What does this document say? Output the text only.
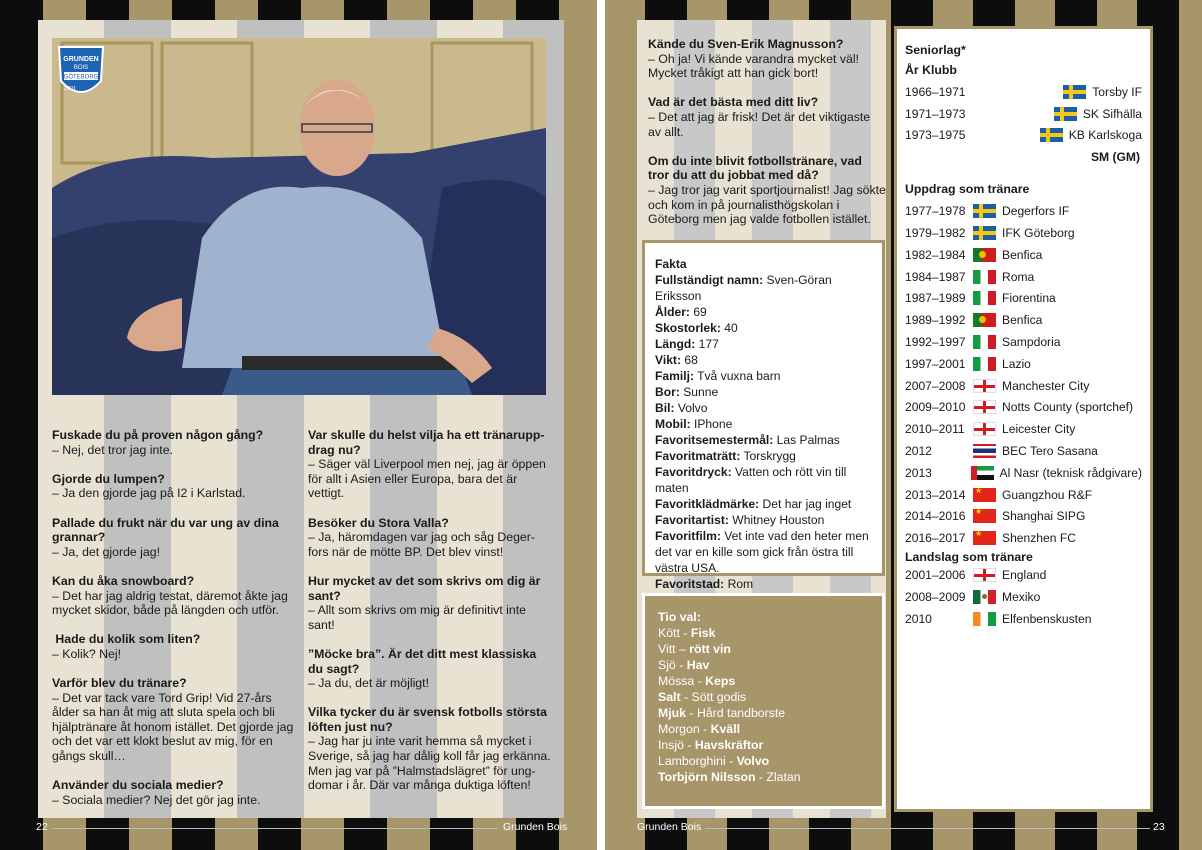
GRUNDEN
BOIS
GÖTEBORG
2001
Fuskade du på proven någon gång?
– Nej, det tror jag inte.
Gjorde du lumpen?
– Ja den gjorde jag på I2 i Karlstad.
Pallade du frukt när du var ung av dina grannar?
– Ja, det gjorde jag!
Kan du åka snowboard?
– Det har jag aldrig testat, däremot åkte jag mycket skidor, både på längden och utför.
Hade du kolik som liten?
– Kolik? Nej!
Varför blev du tränare?
– Det var tack vare Tord Grip! Vid 27-års ålder sa han åt mig att sluta spela och bli hjälptränare åt honom istället. Det gjorde jag och det var ett klokt beslut av mig, för en gångs skull…
Använder du sociala medier?
– Sociala medier? Nej det gör jag inte.
Var skulle du helst vilja ha ett tränarupp-drag nu?
– Säger väl Liverpool men nej, jag är öppen för allt i Asien eller Europa, bara det är vettigt.
Besöker du Stora Valla?
– Ja, häromdagen var jag och såg Deger-fors när de mötte BP. Det blev vinst!
Hur mycket av det som skrivs om dig är sant?
– Allt som skrivs om mig är definitivt inte sant!
”Möcke bra”. Är det ditt mest klassiska du sagt?
– Ja du, det är möjligt!
Vilka tycker du är svensk fotbolls största löften just nu?
– Jag har ju inte varit hemma så mycket i Sverige, så jag har dålig koll får jag erkänna. Men jag var på ”Halmstadslägret” för ung-domar i år. Där var många duktiga löften!
22	Grunden Bois
Kände du Sven-Erik Magnusson?
– Oh ja! Vi kände varandra mycket väl! Mycket tråkigt att han gick bort!
Vad är det bästa med ditt liv?
– Det att jag är frisk! Det är det viktigaste av allt.
Om du inte blivit fotbollstränare, vad tror du att du jobbat med då?
– Jag tror jag varit sportjournalist! Jag sökte och kom in på journalisthögskolan i Göteborg men jag valde fotbollen istället.
Fakta
Fullständigt namn: Sven-Göran Eriksson
Ålder: 69
Skostorlek: 40
Längd: 177
Vikt: 68
Familj: Två vuxna barn
Bor: Sunne
Bil: Volvo
Mobil: IPhone
Favoritsemestermål: Las Palmas
Favoritmaträtt: Torskrygg
Favoritdryck: Vatten och rött vin till maten
Favoritklädmärke: Det har jag inget
Favoritartist: Whitney Houston
Favoritfilm: Vet inte vad den heter men det var en kille som gick från östra till västra USA.
Favoritstad: Rom
Tio val:
Kött - Fisk
Vitt – rött vin
Sjö - Hav
Mössa - Keps
Salt - Sött godis
Mjuk - Hård tandborste
Morgon - Kväll
Insjö - Havskräftor
Lamborghini - Volvo
Torbjörn Nilsson - Zlatan
Seniorlag*
År Klubb
1966–1971	Torsby IF
1971–1973	SK Sifhälla
1973–1975	KB Karlskoga
SM (GM)
Uppdrag som tränare
1977–1978	Degerfors IF
1979–1982	IFK Göteborg
1982–1984	Benfica
1984–1987	Roma
1987–1989	Fiorentina
1989–1992	Benfica
1992–1997	Sampdoria
1997–2001	Lazio
2007–2008	Manchester City
2009–2010	Notts County (sportchef)
2010–2011	Leicester City
2012	BEC Tero Sasana
2013	Al Nasr (teknisk rådgivare)
2013–2014 ★	Guangzhou R&F
2014–2016 ★	Shanghai SIPG
2016–2017 ★	Shenzhen FC
Landslag som tränare
2001–2006	England
2008–2009	Mexiko
2010	Elfenbenskusten
Grunden Bois	23
